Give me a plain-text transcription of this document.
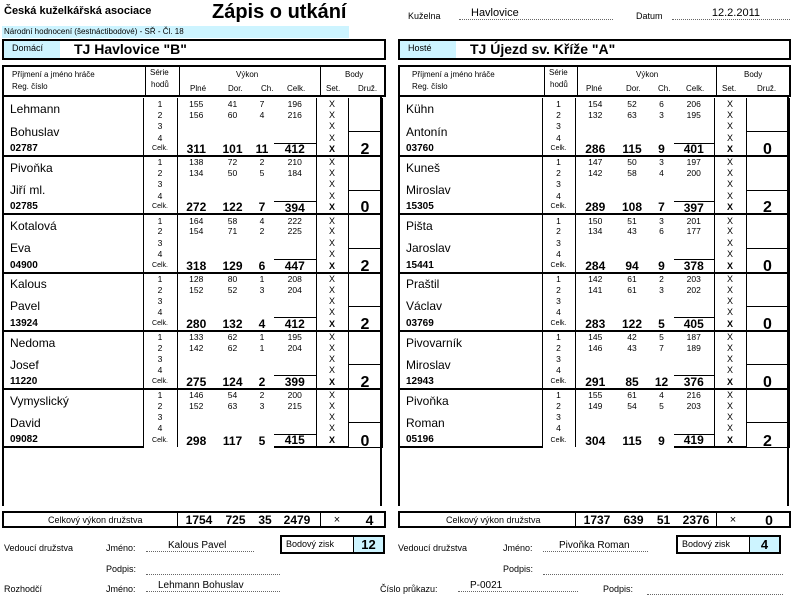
Česká kuželkářská asociace	Zápis o utkání
Národní hodnocení (šestnáctibodové) - SŘ - Čl. 18
Kuželna	Havlovice	Datum	12.2.2011
Domácí	TJ Havlovice "B"	Hosté	TJ Újezd sv. Kříže "A"
Příjmení a jméno hráče
Reg. číslo
Série
hodů
Výkon
Plné	Dor. Ch. Celk.
Body
Set. Druž.
Příjmení a jméno hráče
Reg. číslo
Série
hodů
Výkon
Plné	Dor. Ch. Celk.
Body
Set.	Druž.
Lehmann	1	155	41	7	196	X	
	2	156	60	4	216	X	
Bohuslav	3					X	
	4					X	2
02787	Celk.	311	101	11	412	X	
Pivoňka	1	138	72	2	210	X	
	2	134	50	5	184	X	
Jiří ml.	3					X	
	4					X	0
02785	Celk.	272	122	7	394	X	
Kotalová	1	164	58	4	222	X	
	2	154	71	2	225	X	
Eva	3					X	
	4					X	2
04900	Celk.	318	129	6	447	X	
Kalous	1	128	80	1	208	X	
	2	152	52	3	204	X	
Pavel	3					X	
	4					X	2
13924	Celk.	280	132	4	412	X	
Nedoma	1	133	62	1	195	X	
	2	142	62	1	204	X	
Josef	3					X	
	4					X	2
11220	Celk.	275	124	2	399	X	
Vymyslický	1	146	54	2	200	X	
	2	152	63	3	215	X	
David	3					X	
	4					X	0
09082	Celk.	298	117	5	415	X	
Kühn	1	154	52	6	206	X	
	2	132	63	3	195	X	
Antonín	3					X	
	4					X	0
03760	Celk.	286	115	9	401	X	
Kuneš	1	147	50	3	197	X	
	2	142	58	4	200	X	
Miroslav	3					X	
	4					X	2
15305	Celk.	289	108	7	397	X	
Pišta	1	150	51	3	201	X	
	2	134	43	6	177	X	
Jaroslav	3					X	
	4					X	0
15441	Celk.	284	94	9	378	X	
Praštil	1	142	61	2	203	X	
	2	141	61	3	202	X	
Václav	3					X	
	4					X	0
03769	Celk.	283	122	5	405	X	
Pivovarník	1	145	42	5	187	X	
	2	146	43	7	189	X	
Miroslav	3					X	
	4					X	0
12943	Celk.	291	85	12	376	X	
Pivoňka	1	155	61	4	216	X	
	2	149	54	5	203	X	
Roman	3					X	
	4					X	2
05196	Celk.	304	115	9	419	X	
Celkový výkon družstva	1754	725	35 2479	×	4	Celkový výkon družstva	1737	639	51	2376	×	0
Vedoucí družstva	Jméno:	Kalous Pavel	Bodový zisk	12
Podpis:
Vedoucí družstva	Jméno:	Pivoňka Roman	Bodový zisk	4
Podpis:
Rozhodčí	Jméno:	Lehmann Bohuslav	Číslo průkazu:	P-0021	Podpis:
